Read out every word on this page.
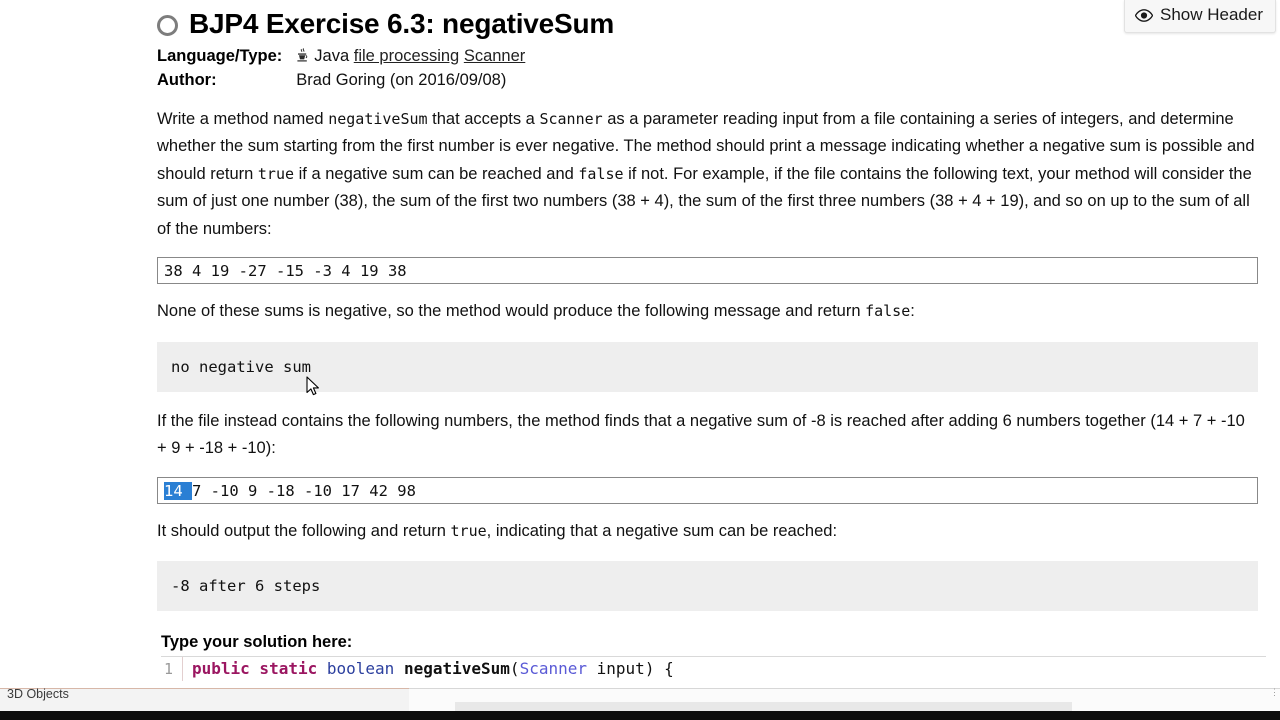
Show Header
BJP4 Exercise 6.3: negativeSum
Language/Type:	Java file processing Scanner
Author:	Brad Goring (on 2016/09/08)

Write a method named negativeSum that accepts a Scanner as a parameter reading input from a file containing a series of integers, and determine whether the sum starting from the first number is ever negative. The method should print a message indicating whether a negative sum is possible and should return true if a negative sum can be reached and false if not. For example, if the file contains the following text, your method will consider the sum of just one number (38), the sum of the first two numbers (38 + 4), the sum of the first three numbers (38 + 4 + 19), and so on up to the sum of all of the numbers:

38 4 19 -27 -15 -3 4 19 38

None of these sums is negative, so the method would produce the following message and return false:

no negative sum

If the file instead contains the following numbers, the method finds that a negative sum of -8 is reached after adding 6 numbers together (14 + 7 + -10 + 9 + -18 + -10):

14 7 -10 9 -18 -10 17 42 98

It should output the following and return true, indicating that a negative sum can be reached:

-8 after 6 steps
Type your solution here:
1	public static boolean negativeSum(Scanner input) {
3D Objects	⋮
